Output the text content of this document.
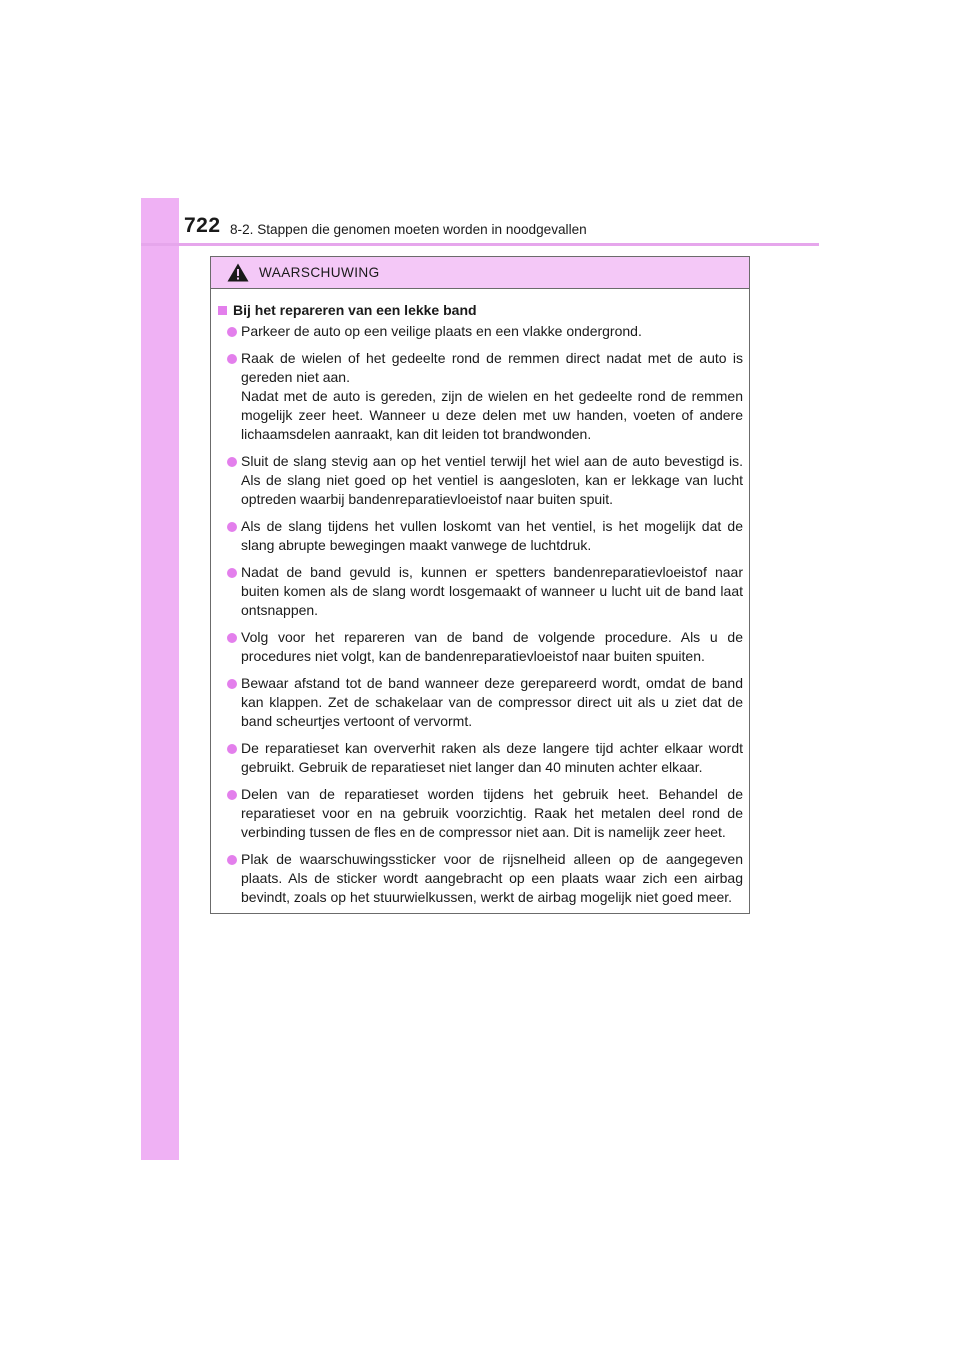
722 8-2. Stappen die genomen moeten worden in noodgevallen
WAARSCHUWING
Bij het repareren van een lekke band
Parkeer de auto op een veilige plaats en een vlakke ondergrond.
Raak de wielen of het gedeelte rond de remmen direct nadat met de auto is gereden niet aan.
Nadat met de auto is gereden, zijn de wielen en het gedeelte rond de remmen mogelijk zeer heet. Wanneer u deze delen met uw handen, voeten of andere lichaamsdelen aanraakt, kan dit leiden tot brandwonden.
Sluit de slang stevig aan op het ventiel terwijl het wiel aan de auto bevestigd is. Als de slang niet goed op het ventiel is aangesloten, kan er lekkage van lucht optreden waarbij bandenreparatievloeistof naar buiten spuit.
Als de slang tijdens het vullen loskomt van het ventiel, is het mogelijk dat de slang abrupte bewegingen maakt vanwege de luchtdruk.
Nadat de band gevuld is, kunnen er spetters bandenreparatievloeistof naar buiten komen als de slang wordt losgemaakt of wanneer u lucht uit de band laat ontsnappen.
Volg voor het repareren van de band de volgende procedure. Als u de procedures niet volgt, kan de bandenreparatievloeistof naar buiten spuiten.
Bewaar afstand tot de band wanneer deze gerepareerd wordt, omdat de band kan klappen. Zet de schakelaar van de compressor direct uit als u ziet dat de band scheurtjes vertoont of vervormt.
De reparatieset kan oververhit raken als deze langere tijd achter elkaar wordt gebruikt. Gebruik de reparatieset niet langer dan 40 minuten achter elkaar.
Delen van de reparatieset worden tijdens het gebruik heet. Behandel de reparatieset voor en na gebruik voorzichtig. Raak het metalen deel rond de verbinding tussen de fles en de compressor niet aan. Dit is namelijk zeer heet.
Plak de waarschuwingssticker voor de rijsnelheid alleen op de aangegeven plaats. Als de sticker wordt aangebracht op een plaats waar zich een airbag bevindt, zoals op het stuurwielkussen, werkt de airbag mogelijk niet goed meer.
